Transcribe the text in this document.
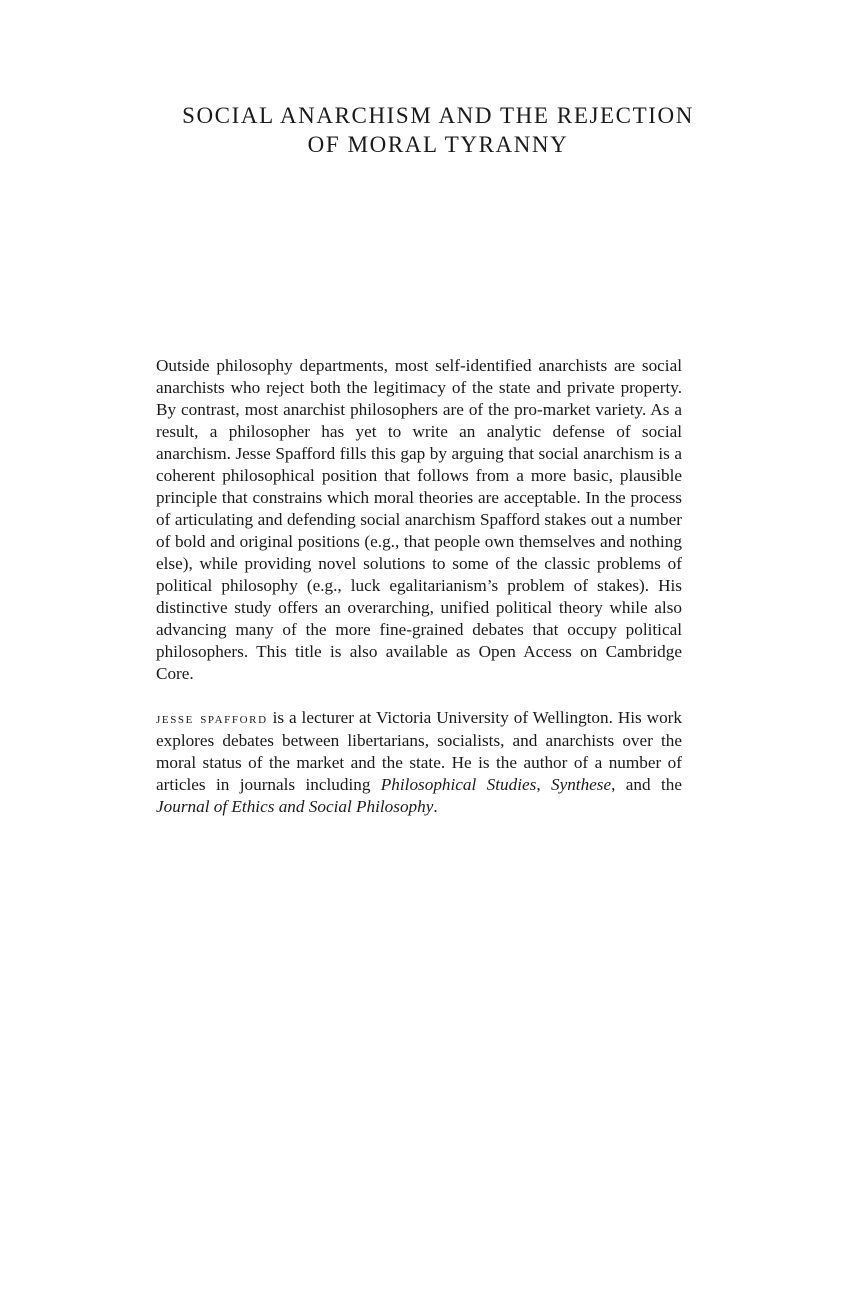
SOCIAL ANARCHISM AND THE REJECTION
OF MORAL TYRANNY

Outside philosophy departments, most self-identified anarchists are social anarchists who reject both the legitimacy of the state and private property. By contrast, most anarchist philosophers are of the pro-market variety. As a result, a philosopher has yet to write an analytic defense of social anarchism. Jesse Spafford fills this gap by arguing that social anarchism is a coherent philosophical position that follows from a more basic, plausible principle that constrains which moral theories are acceptable. In the process of articulating and defending social anarchism Spafford stakes out a number of bold and original positions (e.g., that people own themselves and nothing else), while providing novel solutions to some of the classic problems of political philosophy (e.g., luck egalitarianism’s problem of stakes). His distinctive study offers an overarching, unified political theory while also advancing many of the more fine-grained debates that occupy political philosophers. This title is also available as Open Access on Cambridge Core.

jesse spafford is a lecturer at Victoria University of Wellington. His work explores debates between libertarians, socialists, and anarchists over the moral status of the market and the state. He is the author of a number of articles in journals including Philosophical Studies, Synthese, and the Journal of Ethics and Social Philosophy.
